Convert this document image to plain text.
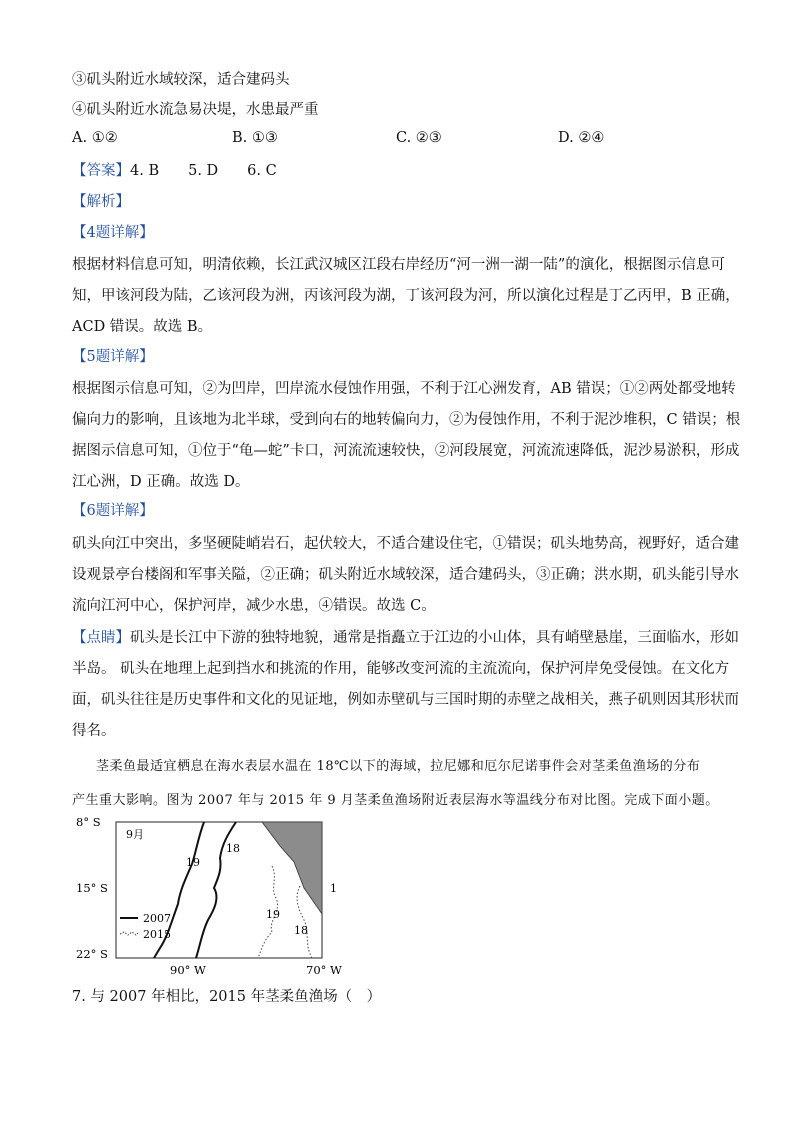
③矶头附近水域较深，适合建码头
④矶头附近水流急易决堤，水患最严重
A. ①②	B. ①③	C. ②③	D. ②④
【答案】4. B　　5. D　　6. C
【解析】
【4题详解】
根据材料信息可知，明清依赖，长江武汉城区江段右岸经历“河一洲一湖一陆”的演化，根据图示信息可
知，甲该河段为陆，乙该河段为洲，丙该河段为湖，丁该河段为河，所以演化过程是丁乙丙甲，B 正确，
ACD 错误。故选 B。
【5题详解】
根据图示信息可知，②为凹岸，凹岸流水侵蚀作用强，不利于江心洲发育，AB 错误；①②两处都受地转
偏向力的影响，且该地为北半球，受到向右的地转偏向力，②为侵蚀作用，不利于泥沙堆积，C 错误；根
据图示信息可知，①位于“龟—蛇”卡口，河流流速较快，②河段展宽，河流流速降低，泥沙易淤积，形成
江心洲，D 正确。故选 D。
【6题详解】
矶头向江中突出，多坚硬陡峭岩石，起伏较大，不适合建设住宅，①错误；矶头地势高，视野好，适合建
设观景亭台楼阁和军事关隘，②正确；矶头附近水域较深，适合建码头，③正确；洪水期，矶头能引导水
流向江河中心，保护河岸，减少水患，④错误。故选 C。
【点睛】矶头是长江中下游的独特地貌，通常是指矗立于江边的小山体，具有峭壁悬崖，三面临水，形如
半岛。 矶头在地理上起到挡水和挑流的作用，能够改变河流的主流流向，保护河岸免受侵蚀。在文化方
面，矶头往往是历史事件和文化的见证地，例如赤壁矶与三国时期的赤壁之战相关，燕子矶则因其形状而
得名。
茎柔鱼最适宜栖息在海水表层水温在 18℃以下的海域，拉尼娜和厄尔尼诺事件会对茎柔鱼渔场的分布
产生重大影响。图为 2007 年与 2015 年 9 月茎柔鱼渔场附近表层海水等温线分布对比图。完成下面小题。
9月
19
18
19
18
2007
2015
1
8° S
15° S
22° S
90° W	70° W
7. 与 2007 年相比，2015 年茎柔鱼渔场（　）
